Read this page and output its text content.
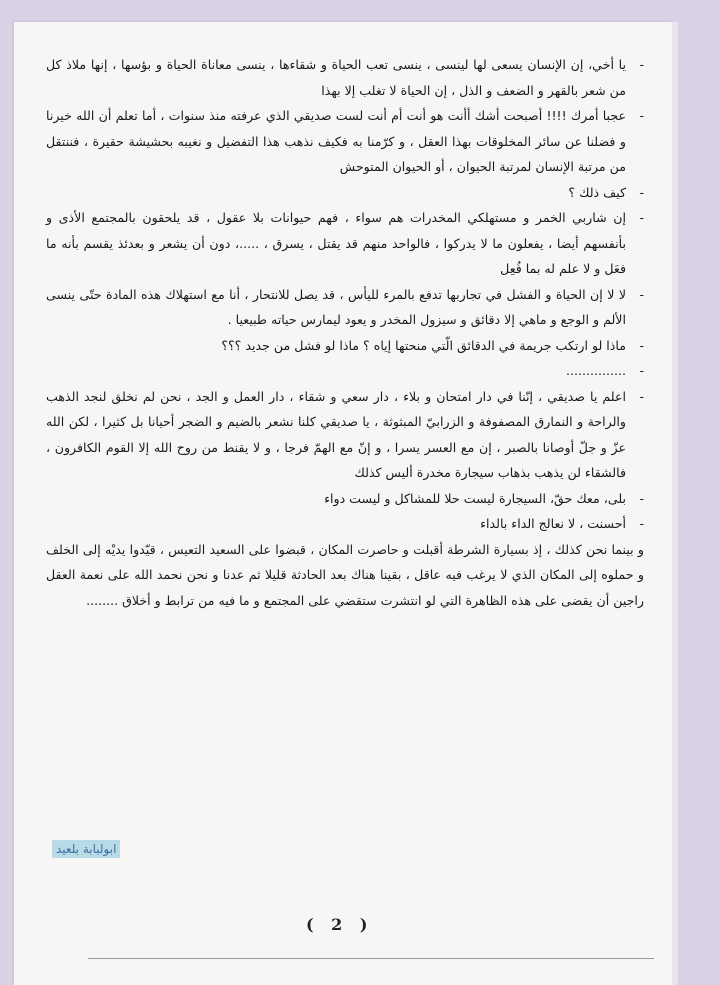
-
يا أخي، إن الإنسان يسعى لها لينسى ، ينسى تعب الحياة و شقاءها ، ينسى معاناة الحياة و بؤسها ، إنها ملاذ كل من شعر بالقهر و الضعف و الذل ، إن الحياة لا تغلب إلا بهذا

-
عجبا أمرك !!!! أصبحت أشك أأنت هو أنت أم أنت لست صديقي الذي عرفته منذ سنوات ، أما تعلم أن الله خيرنا و فضلنا عن سائر المخلوقات بهذا العقل ، و كرّمنا به فكيف نذهب هذا التفضيل و نغيبه بحشيشة حقيرة ، فننتقل من مرتبة الإنسان لمرتبة الحيوان ، أو الحيوان المتوحش

-
كيف ذلك ؟

-
إن شاربي الخمر و مستهلكي المخدرات هم سواء ، فهم حيوانات بلا عقول ، قد يلحقون بالمجتمع الأذى و بأنفسهم أيضا ، يفعلون ما لا يدركوا ، فالواحد منهم قد يقتل ، يسرق ، .....، دون أن يشعر و بعدئذ يقسم بأنه ما فعَل و لا علم له بما فُعِل

-
لا لا إن الحياة و الفشل في تجاربها تدفع بالمرء لليأس ، قد يصل للانتحار ، أنا مع استهلاك هذه المادة حتّى ينسى الألم و الوجع و ماهي إلا دقائق و سيزول المخدر و يعود ليمارس حياته طبيعيا .

-
ماذا لو ارتكب جريمة في الدقائق الّتي منحتها إياه ؟ ماذا لو فشل من جديد ؟؟؟

-
...............

-
اعلم يا صديقي ، إنّنا في دار امتحان و بلاء ، دار سعي و شقاء ، دار العمل و الجد ، نحن لم نخلق لنجد الذهب والراحة و النمارق المصفوفة و الزرابيّ المبثوثة ، يا صديقي كلنا نشعر بالضيم و الضجر أحيانا بل كثيرا ، لكن الله عزّ و جلّ أوصانا بالصبر ، إن مع العسر يسرا ، و إنّ مع الهمّ فرجا ، و لا يقنط من روح الله إلا القوم الكافرون ، فالشقاء لن يذهب بذهاب سيجارة مخدرة أليس كذلك

-
بلى، معك حقّ، السيجارة ليست حلا للمشاكل و ليست دواء

-
أحسنت ، لا نعالج الداء بالداء

و بينما نحن كذلك ، إذ بسيارة الشرطة أقبلت و حاصرت المكان ، قبضوا على السعيد التعيس ، قيّدوا يديْه إلى الخلف و حملوه إلى المكان الذي لا يرغب فيه عاقل ، بقينا هناك بعد الحادثة قليلا ثم عدنا و نحن نحمد الله على نعمة العقل راجين أن يقضى على هذه الظاهرة التي لو انتشرت ستقضي على المجتمع و ما فيه من ترابط و أخلاق ........

ابولبابة بلعيد
( 2 )
